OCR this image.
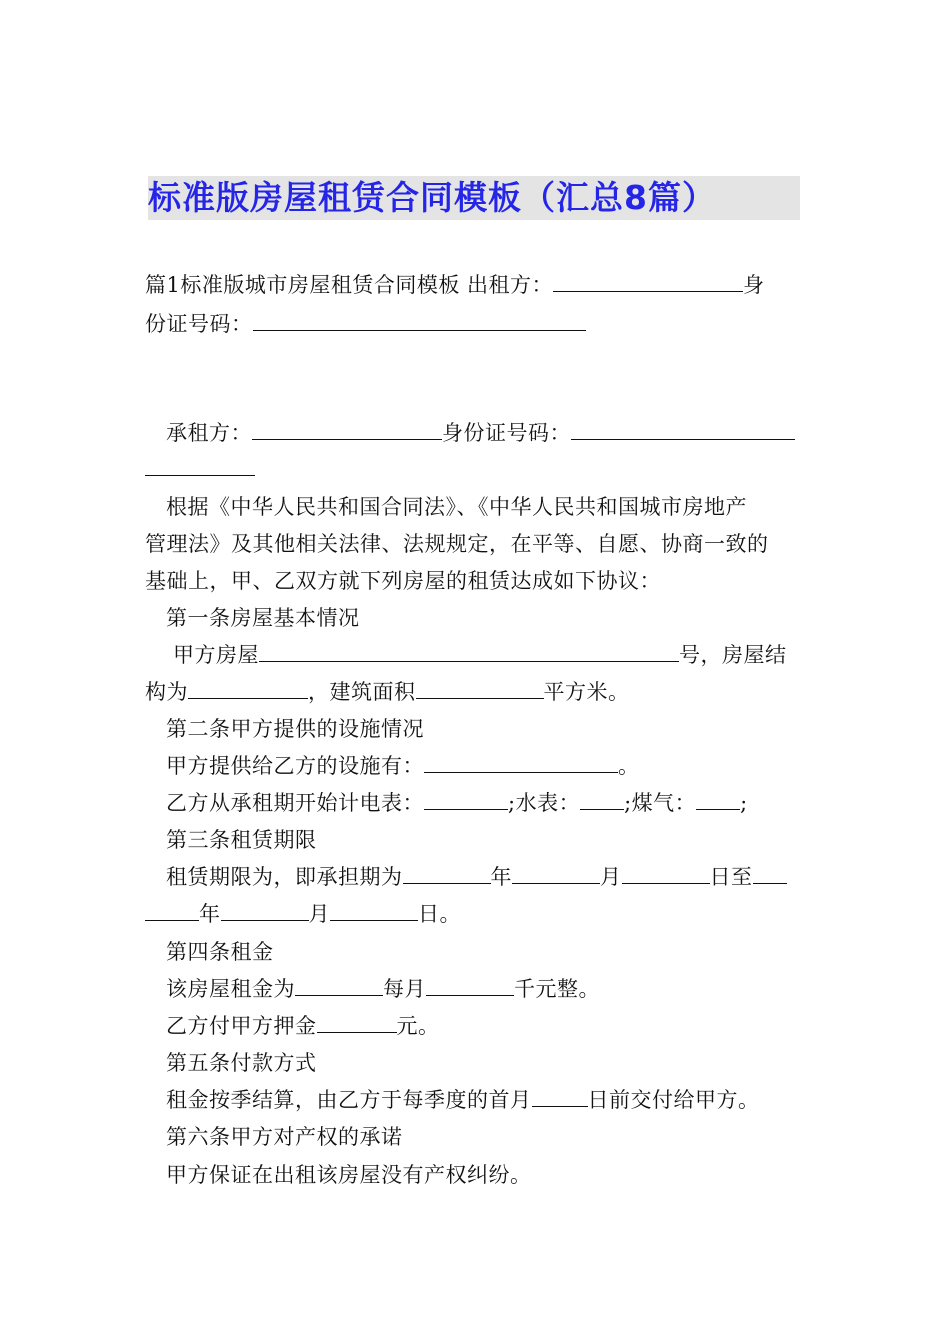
标准版房屋租赁合同模板（汇总8篇）
篇1标准版城市房屋租赁合同模板 出租方：	身
份证号码：
承租方：	身份证号码：
根据《中华人民共和国合同法》、《中华人民共和国城市房地产
管理法》及其他相关法律、法规规定，在平等、自愿、协商一致的
基础上，甲、乙双方就下列房屋的租赁达成如下协议：
第一条房屋基本情况
甲方房屋	号，房屋结
构为	，建筑面积	平方米。
第二条甲方提供的设施情况
甲方提供给乙方的设施有：	。
乙方从承租期开始计电表：	;水表： ;煤气： ;
第三条租赁期限
租赁期限为，即承担期为	年	月	日至
年	月	日。
第四条租金
该房屋租金为	每月	千元整。
乙方付甲方押金	元。
第五条付款方式
租金按季结算，由乙方于每季度的首月	日前交付给甲方。
第六条甲方对产权的承诺
甲方保证在出租该房屋没有产权纠纷。
